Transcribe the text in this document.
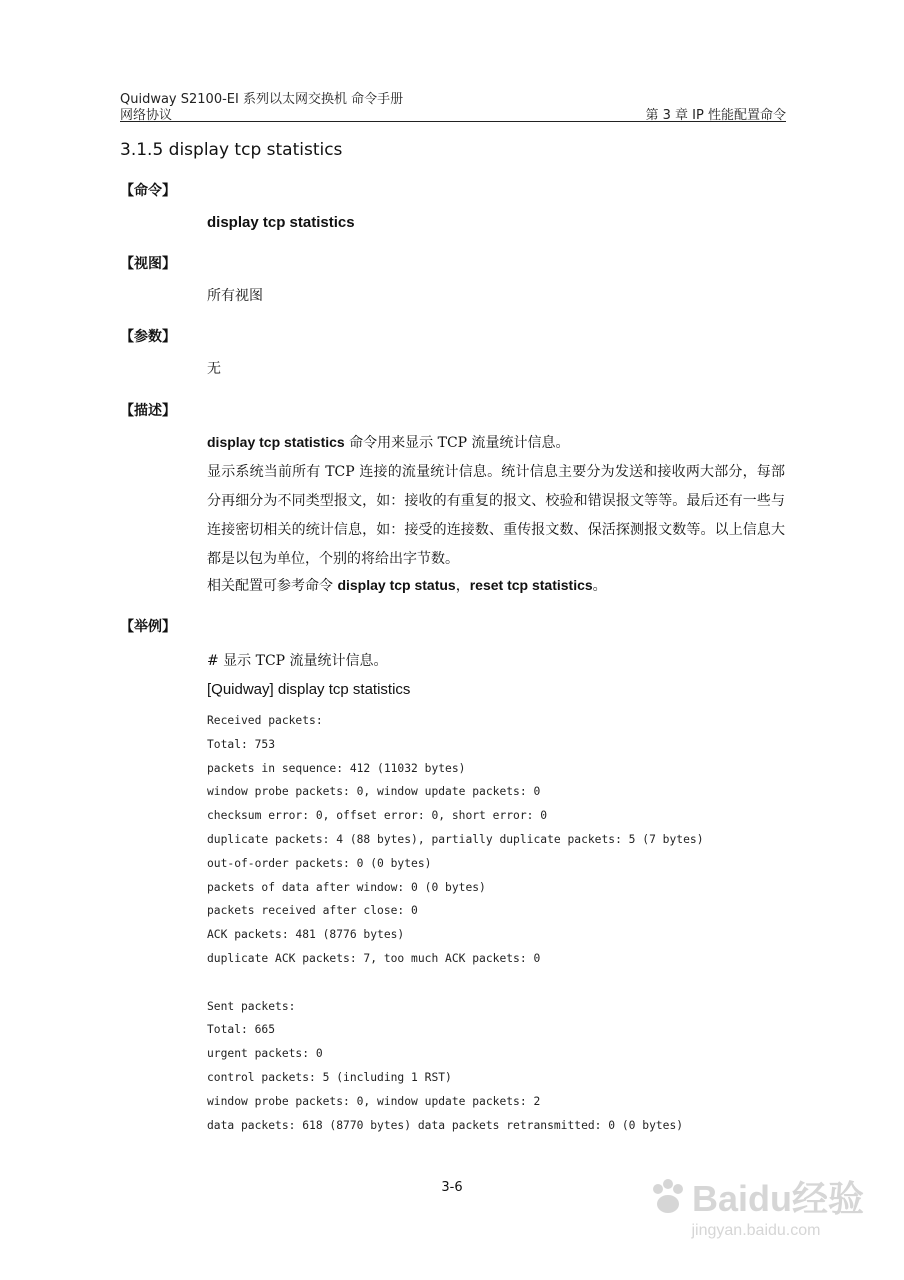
Quidway S2100-EI 系列以太网交换机 命令手册
网络协议	第 3 章 IP 性能配置命令
3.1.5 display tcp statistics
【命令】
display tcp statistics
【视图】
所有视图
【参数】
无
【描述】
display tcp statistics 命令用来显示 TCP 流量统计信息。
显示系统当前所有 TCP 连接的流量统计信息。统计信息主要分为发送和接收两大部分，每部分再细分为不同类型报文，如：接收的有重复的报文、校验和错误报文等等。最后还有一些与连接密切相关的统计信息，如：接受的连接数、重传报文数、保活探测报文数等。以上信息大都是以包为单位，个别的将给出字节数。
相关配置可参考命令 display tcp status，reset tcp statistics。
【举例】
# 显示 TCP 流量统计信息。
[Quidway] display tcp statistics
Received packets:
Total: 753
packets in sequence: 412 (11032 bytes)
window probe packets: 0, window update packets: 0
checksum error: 0, offset error: 0, short error: 0
duplicate packets: 4 (88 bytes), partially duplicate packets: 5 (7 bytes)
out-of-order packets: 0 (0 bytes)
packets of data after window: 0 (0 bytes)
packets received after close: 0
ACK packets: 481 (8776 bytes)
duplicate ACK packets: 7, too much ACK packets: 0

Sent packets:
Total: 665
urgent packets: 0
control packets: 5 (including 1 RST)
window probe packets: 0, window update packets: 2
data packets: 618 (8770 bytes) data packets retransmitted: 0 (0 bytes)
3-6	Baidu经验
jingyan.baidu.com
